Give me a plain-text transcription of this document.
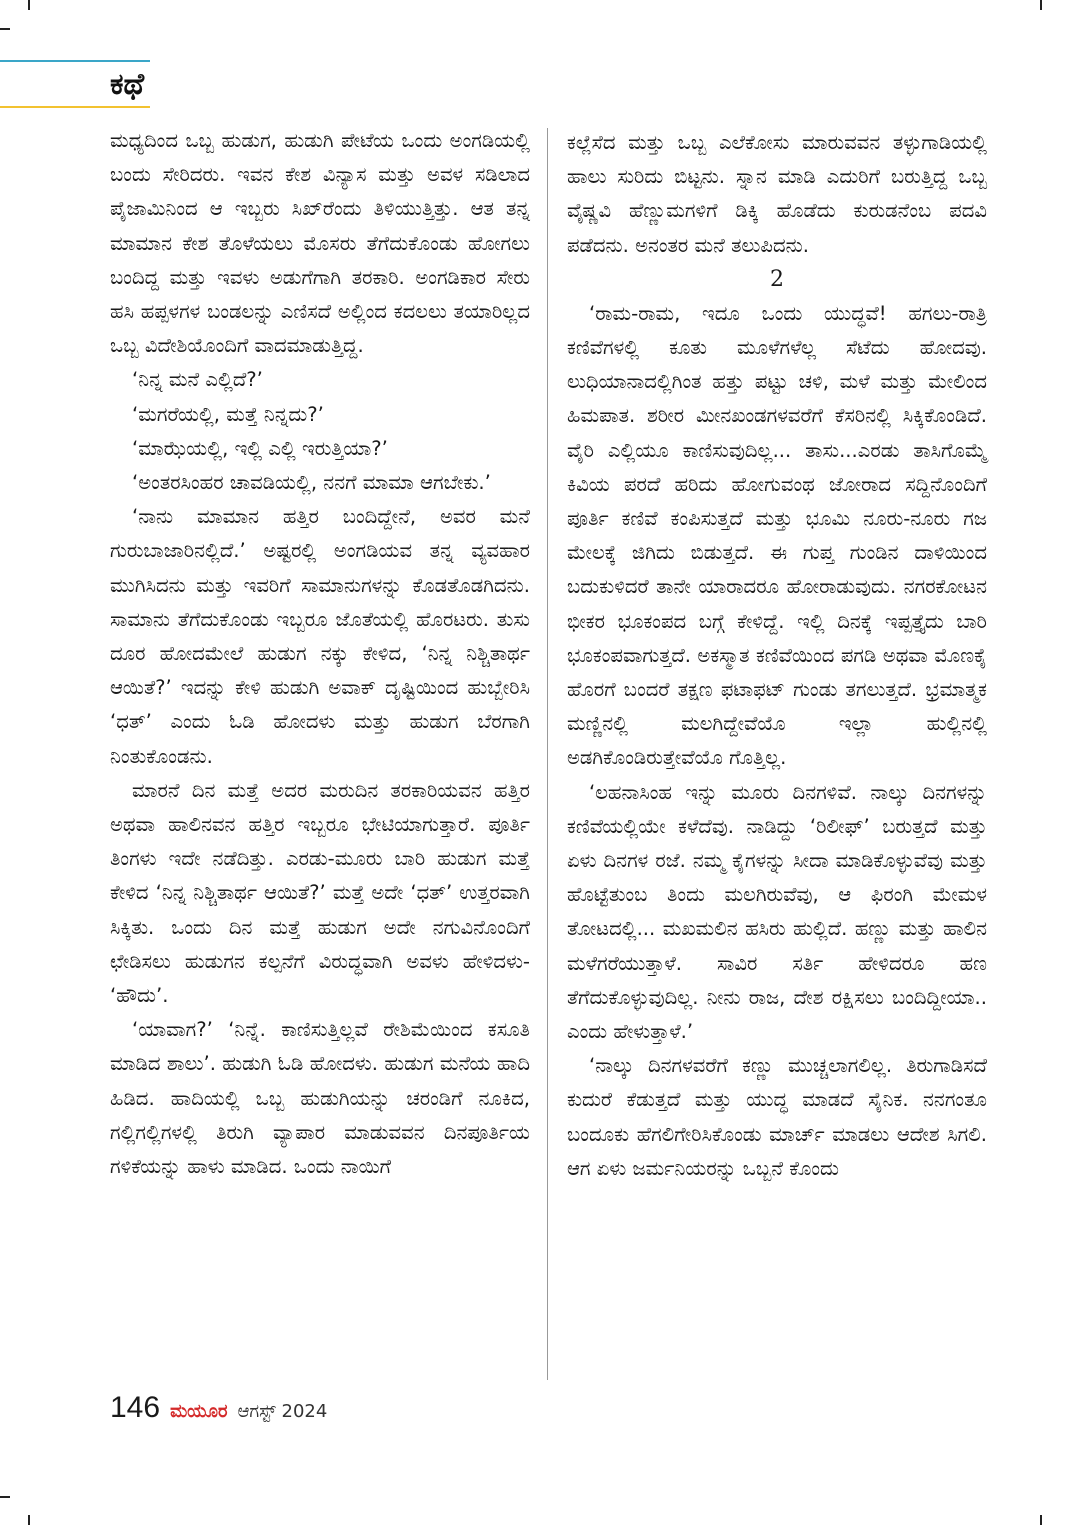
ಕಥೆ

ಮಧ್ಯದಿಂದ ಒಬ್ಬ ಹುಡುಗ, ಹುಡುಗಿ ಪೇಟೆಯ ಒಂದು ಅಂಗಡಿಯಲ್ಲಿ ಬಂದು ಸೇರಿದರು. ಇವನ ಕೇಶ ವಿನ್ಯಾಸ ಮತ್ತು ಅವಳ ಸಡಿಲಾದ ಪೈಜಾಮಿನಿಂದ ಆ ಇಬ್ಬರು ಸಿಖ್‌ರೆಂದು ತಿಳಿಯುತ್ತಿತ್ತು. ಆತ ತನ್ನ ಮಾಮಾನ ಕೇಶ ತೊಳೆಯಲು ಮೊಸರು ತೆಗೆದುಕೊಂಡು ಹೋಗಲು ಬಂದಿದ್ದ ಮತ್ತು ಇವಳು ಅಡುಗೆಗಾಗಿ ತರಕಾರಿ. ಅಂಗಡಿಕಾರ ಸೇರು ಹಸಿ ಹಪ್ಪಳಗಳ ಬಂಡಲನ್ನು ಎಣಿಸದೆ ಅಲ್ಲಿಂದ ಕದಲಲು ತಯಾರಿಲ್ಲದ ಒಬ್ಬ ವಿದೇಶಿಯೊಂದಿಗೆ ವಾದಮಾಡುತ್ತಿದ್ದ.

‘ನಿನ್ನ ಮನೆ ಎಲ್ಲಿದೆ?’

‘ಮಗರೆಯಲ್ಲಿ, ಮತ್ತೆ ನಿನ್ನದು?’

‘ಮಾಝೆಯಲ್ಲಿ, ಇಲ್ಲಿ ಎಲ್ಲಿ ಇರುತ್ತಿಯಾ?’

‘ಅಂತರಸಿಂಹರ ಚಾವಡಿಯಲ್ಲಿ, ನನಗೆ ಮಾಮಾ ಆಗಬೇಕು.’

‘ನಾನು ಮಾಮಾನ ಹತ್ತಿರ ಬಂದಿದ್ದೇನೆ, ಅವರ ಮನೆ ಗುರುಬಾಜಾರಿನಲ್ಲಿದೆ.’ ಅಷ್ಟರಲ್ಲಿ ಅಂಗಡಿಯವ ತನ್ನ ವ್ಯವಹಾರ ಮುಗಿಸಿದನು ಮತ್ತು ಇವರಿಗೆ ಸಾಮಾನುಗಳನ್ನು ಕೊಡತೊಡಗಿದನು. ಸಾಮಾನು ತೆಗೆದುಕೊಂಡು ಇಬ್ಬರೂ ಜೊತೆಯಲ್ಲಿ ಹೊರಟರು. ತುಸು ದೂರ ಹೋದಮೇಲೆ ಹುಡುಗ ನಕ್ಕು ಕೇಳಿದ, ‘ನಿನ್ನ ನಿಶ್ಚಿತಾರ್ಥ ಆಯಿತೆ?’ ಇದನ್ನು ಕೇಳಿ ಹುಡುಗಿ ಅವಾಕ್ ದೃಷ್ಟಿಯಿಂದ ಹುಬ್ಬೇರಿಸಿ ‘ಧತ್’ ಎಂದು ಓಡಿ ಹೋದಳು ಮತ್ತು ಹುಡುಗ ಬೆರಗಾಗಿ ನಿಂತುಕೊಂಡನು.

ಮಾರನೆ ದಿನ ಮತ್ತೆ ಅದರ ಮರುದಿನ ತರಕಾರಿಯವನ ಹತ್ತಿರ ಅಥವಾ ಹಾಲಿನವನ ಹತ್ತಿರ ಇಬ್ಬರೂ ಭೇಟಿಯಾಗುತ್ತಾರೆ. ಪೂರ್ತಿ ತಿಂಗಳು ಇದೇ ನಡೆದಿತ್ತು. ಎರಡು-ಮೂರು ಬಾರಿ ಹುಡುಗ ಮತ್ತೆ ಕೇಳಿದ ‘ನಿನ್ನ ನಿಶ್ಚಿತಾರ್ಥ ಆಯಿತೆ?’ ಮತ್ತೆ ಅದೇ ‘ಧತ್’ ಉತ್ತರವಾಗಿ ಸಿಕ್ಕಿತು. ಒಂದು ದಿನ ಮತ್ತೆ ಹುಡುಗ ಅದೇ ನಗುವಿನೊಂದಿಗೆ ಛೇಡಿಸಲು ಹುಡುಗನ ಕಲ್ಪನೆಗೆ ವಿರುದ್ಧವಾಗಿ ಅವಳು ಹೇಳಿದಳು- ‘ಹೌದು’.

‘ಯಾವಾಗ?’ ‘ನಿನ್ನೆ. ಕಾಣಿಸುತ್ತಿಲ್ಲವೆ ರೇಶಿಮೆಯಿಂದ ಕಸೂತಿ ಮಾಡಿದ ಶಾಲು’. ಹುಡುಗಿ ಓಡಿ ಹೋದಳು. ಹುಡುಗ ಮನೆಯ ಹಾದಿ ಹಿಡಿದ. ಹಾದಿಯಲ್ಲಿ ಒಬ್ಬ ಹುಡುಗಿಯನ್ನು ಚರಂಡಿಗೆ ನೂಕಿದ, ಗಲ್ಲಿಗಲ್ಲಿಗಳಲ್ಲಿ ತಿರುಗಿ ವ್ಯಾಪಾರ ಮಾಡುವವನ ದಿನಪೂರ್ತಿಯ ಗಳಿಕೆಯನ್ನು ಹಾಳು ಮಾಡಿದ. ಒಂದು ನಾಯಿಗೆ

ಕಲ್ಲೆಸೆದ ಮತ್ತು ಒಬ್ಬ ಎಲೆಕೋಸು ಮಾರುವವನ ತಳ್ಳುಗಾಡಿಯಲ್ಲಿ ಹಾಲು ಸುರಿದು ಬಿಟ್ಟನು. ಸ್ನಾನ ಮಾಡಿ ಎದುರಿಗೆ ಬರುತ್ತಿದ್ದ ಒಬ್ಬ ವೈಷ್ಣವಿ ಹೆಣ್ಣುಮಗಳಿಗೆ ಡಿಕ್ಕಿ ಹೊಡೆದು ಕುರುಡನೆಂಬ ಪದವಿ ಪಡೆದನು. ಅನಂತರ ಮನೆ ತಲುಪಿದನು.

2

‘ರಾಮ-ರಾಮ, ಇದೂ ಒಂದು ಯುದ್ಧವೆ! ಹಗಲು-ರಾತ್ರಿ ಕಣಿವೆಗಳಲ್ಲಿ ಕೂತು ಮೂಳೆಗಳೆಲ್ಲ ಸೆಟೆದು ಹೋದವು. ಲುಧಿಯಾನಾದಲ್ಲಿಗಿಂತ ಹತ್ತು ಪಟ್ಟು ಚಳಿ, ಮಳೆ ಮತ್ತು ಮೇಲಿಂದ ಹಿಮಪಾತ. ಶರೀರ ಮೀನಖಂಡಗಳವರೆಗೆ ಕೆಸರಿನಲ್ಲಿ ಸಿಕ್ಕಿಕೊಂಡಿದೆ. ವೈರಿ ಎಲ್ಲಿಯೂ ಕಾಣಿಸುವುದಿಲ್ಲ... ತಾಸು...ಎರಡು ತಾಸಿಗೊಮ್ಮೆ ಕಿವಿಯ ಪರದೆ ಹರಿದು ಹೋಗುವಂಥ ಜೋರಾದ ಸದ್ದಿನೊಂದಿಗೆ ಪೂರ್ತಿ ಕಣಿವೆ ಕಂಪಿಸುತ್ತದೆ ಮತ್ತು ಭೂಮಿ ನೂರು-ನೂರು ಗಜ ಮೇಲಕ್ಕೆ ಜಿಗಿದು ಬಿಡುತ್ತದೆ. ಈ ಗುಪ್ತ ಗುಂಡಿನ ದಾಳಿಯಿಂದ ಬದುಕುಳಿದರೆ ತಾನೇ ಯಾರಾದರೂ ಹೋರಾಡುವುದು. ನಗರಕೋಟನ ಭೀಕರ ಭೂಕಂಪದ ಬಗ್ಗೆ ಕೇಳಿದ್ದೆ. ಇಲ್ಲಿ ದಿನಕ್ಕೆ ಇಪ್ಪತ್ತೈದು ಬಾರಿ ಭೂಕಂಪವಾಗುತ್ತದೆ. ಅಕಸ್ಮಾತ ಕಣಿವೆಯಿಂದ ಪಗಡಿ ಅಥವಾ ಮೊಣಕೈ ಹೊರಗೆ ಬಂದರೆ ತಕ್ಷಣ ಫಟಾಫಟ್ ಗುಂಡು ತಗಲುತ್ತದೆ. ಭ್ರಮಾತ್ಮಕ ಮಣ್ಣಿನಲ್ಲಿ ಮಲಗಿದ್ದೇವೆಯೊ ಇಲ್ಲಾ ಹುಲ್ಲಿನಲ್ಲಿ ಅಡಗಿಕೊಂಡಿರುತ್ತೇವೆಯೊ ಗೊತ್ತಿಲ್ಲ.

‘ಲಹನಾಸಿಂಹ ಇನ್ನು ಮೂರು ದಿನಗಳಿವೆ. ನಾಲ್ಕು ದಿನಗಳನ್ನು ಕಣಿವೆಯಲ್ಲಿಯೇ ಕಳೆದೆವು. ನಾಡಿದ್ದು ‘ರಿಲೀಫ್’ ಬರುತ್ತದೆ ಮತ್ತು ಏಳು ದಿನಗಳ ರಜೆ. ನಮ್ಮ ಕೈಗಳನ್ನು ಸೀದಾ ಮಾಡಿಕೊಳ್ಳುವೆವು ಮತ್ತು ಹೊಟ್ಟೆತುಂಬ ತಿಂದು ಮಲಗಿರುವೆವು, ಆ ಫಿರಂಗಿ ಮೇಮಳ ತೋಟದಲ್ಲಿ... ಮಖಮಲಿನ ಹಸಿರು ಹುಲ್ಲಿದೆ. ಹಣ್ಣು ಮತ್ತು ಹಾಲಿನ ಮಳೆಗರೆಯುತ್ತಾಳೆ. ಸಾವಿರ ಸರ್ತಿ ಹೇಳಿದರೂ ಹಣ ತೆಗೆದುಕೊಳ್ಳುವುದಿಲ್ಲ. ನೀನು ರಾಜ, ದೇಶ ರಕ್ಷಿಸಲು ಬಂದಿದ್ದೀಯಾ.. ಎಂದು ಹೇಳುತ್ತಾಳೆ.’

‘ನಾಲ್ಕು ದಿನಗಳವರೆಗೆ ಕಣ್ಣು ಮುಚ್ಚಲಾಗಲಿಲ್ಲ. ತಿರುಗಾಡಿಸದೆ ಕುದುರೆ ಕೆಡುತ್ತದೆ ಮತ್ತು ಯುದ್ಧ ಮಾಡದೆ ಸೈನಿಕ. ನನಗಂತೂ ಬಂದೂಕು ಹೆಗಲಿಗೇರಿಸಿಕೊಂಡು ಮಾರ್ಚ್ ಮಾಡಲು ಆದೇಶ ಸಿಗಲಿ. ಆಗ ಏಳು ಜರ್ಮನಿಯರನ್ನು ಒಬ್ಬನೆ ಕೊಂದು

146 ಮಯೂರ ಆಗಸ್ಟ್ 2024
